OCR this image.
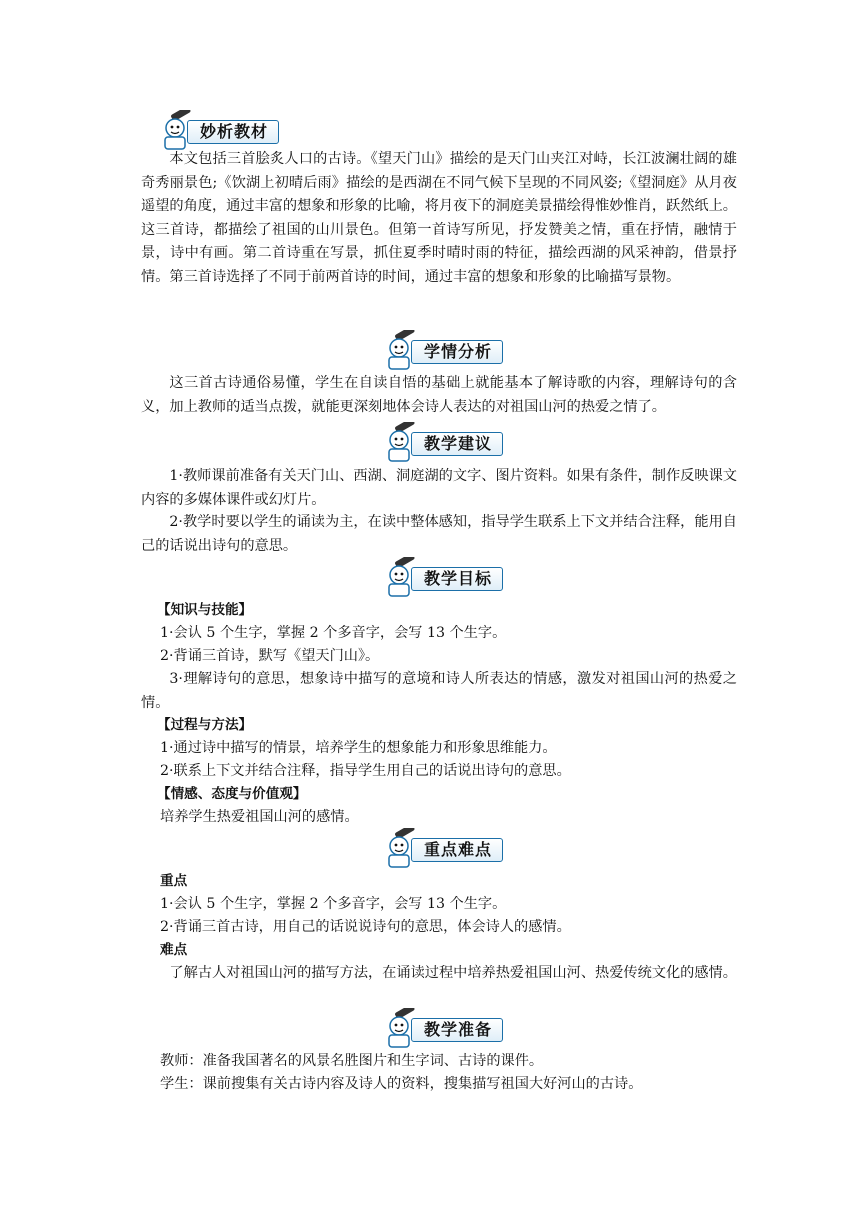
妙析教材

本文包括三首脍炙人口的古诗。《望天门山》描绘的是天门山夹江对峙，长江波澜壮阔的雄奇秀丽景色;《饮湖上初晴后雨》描绘的是西湖在不同气候下呈现的不同风姿;《望洞庭》从月夜遥望的角度，通过丰富的想象和形象的比喻，将月夜下的洞庭美景描绘得惟妙惟肖，跃然纸上。这三首诗，都描绘了祖国的山川景色。但第一首诗写所见，抒发赞美之情，重在抒情，融情于景，诗中有画。第二首诗重在写景，抓住夏季时晴时雨的特征，描绘西湖的风采神韵，借景抒情。第三首诗选择了不同于前两首诗的时间，通过丰富的想象和形象的比喻描写景物。

学情分析

这三首古诗通俗易懂，学生在自读自悟的基础上就能基本了解诗歌的内容，理解诗句的含义，加上教师的适当点拨，就能更深刻地体会诗人表达的对祖国山河的热爱之情了。

教学建议

1·教师课前准备有关天门山、西湖、洞庭湖的文字、图片资料。如果有条件，制作反映课文内容的多媒体课件或幻灯片。

2·教学时要以学生的诵读为主，在读中整体感知，指导学生联系上下文并结合注释，能用自己的话说出诗句的意思。

教学目标

【知识与技能】

1·会认 5 个生字，掌握 2 个多音字，会写 13 个生字。

2·背诵三首诗，默写《望天门山》。

3·理解诗句的意思，想象诗中描写的意境和诗人所表达的情感，激发对祖国山河的热爱之情。

【过程与方法】

1·通过诗中描写的情景，培养学生的想象能力和形象思维能力。

2·联系上下文并结合注释，指导学生用自己的话说出诗句的意思。

【情感、态度与价值观】

培养学生热爱祖国山河的感情。

重点难点

重点

1·会认 5 个生字，掌握 2 个多音字，会写 13 个生字。

2·背诵三首古诗，用自己的话说说诗句的意思，体会诗人的感情。

难点

了解古人对祖国山河的描写方法，在诵读过程中培养热爱祖国山河、热爱传统文化的感情。

教学准备

教师：准备我国著名的风景名胜图片和生字词、古诗的课件。

学生：课前搜集有关古诗内容及诗人的资料，搜集描写祖国大好河山的古诗。
